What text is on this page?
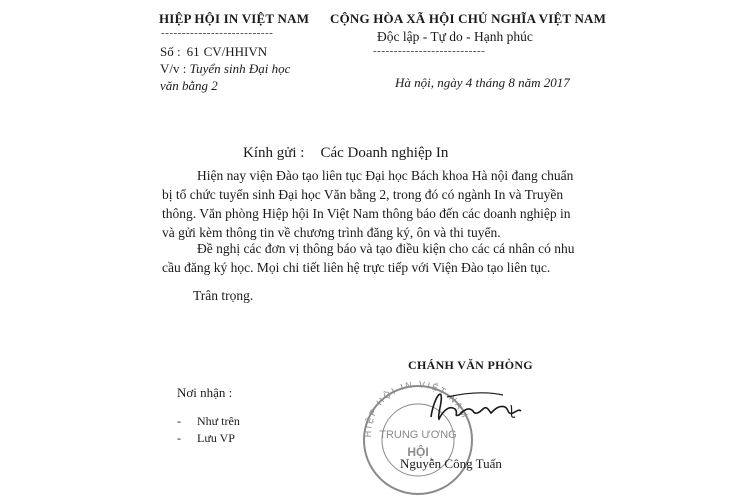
HIỆP HỘI IN VIỆT NAM
---------------------------
Số : 61 CV/HHIVN
V/v : Tuyển sinh Đại học
văn bằng 2
CỘNG HÒA XÃ HỘI CHỦ NGHĨA VIỆT NAM
Độc lập - Tự do - Hạnh phúc
---------------------------
Hà nội, ngày 4 tháng 8 năm 2017
Kính gửi : Các Doanh nghiệp In

Hiện nay viện Đào tạo liên tục Đại học Bách khoa Hà nội đang chuẩn bị tổ chức tuyển sinh Đại học Văn bằng 2, trong đó có ngành In và Truyền thông. Văn phòng Hiệp hội In Việt Nam thông báo đến các doanh nghiệp in và gửi kèm thông tin về chương trình đăng ký, ôn và thi tuyển.

Đề nghị các đơn vị thông báo và tạo điều kiện cho các cá nhân có nhu cầu đăng ký học. Mọi chi tiết liên hệ trực tiếp với Viện Đào tạo liên tục.

Trân trọng.
CHÁNH VĂN PHÒNG
HIỆP HỘI IN VIỆT NAM
TRUNG ƯƠNG
HỘI
Nguyễn Công Tuấn
Nơi nhận :
- Như trên
- Lưu VP
